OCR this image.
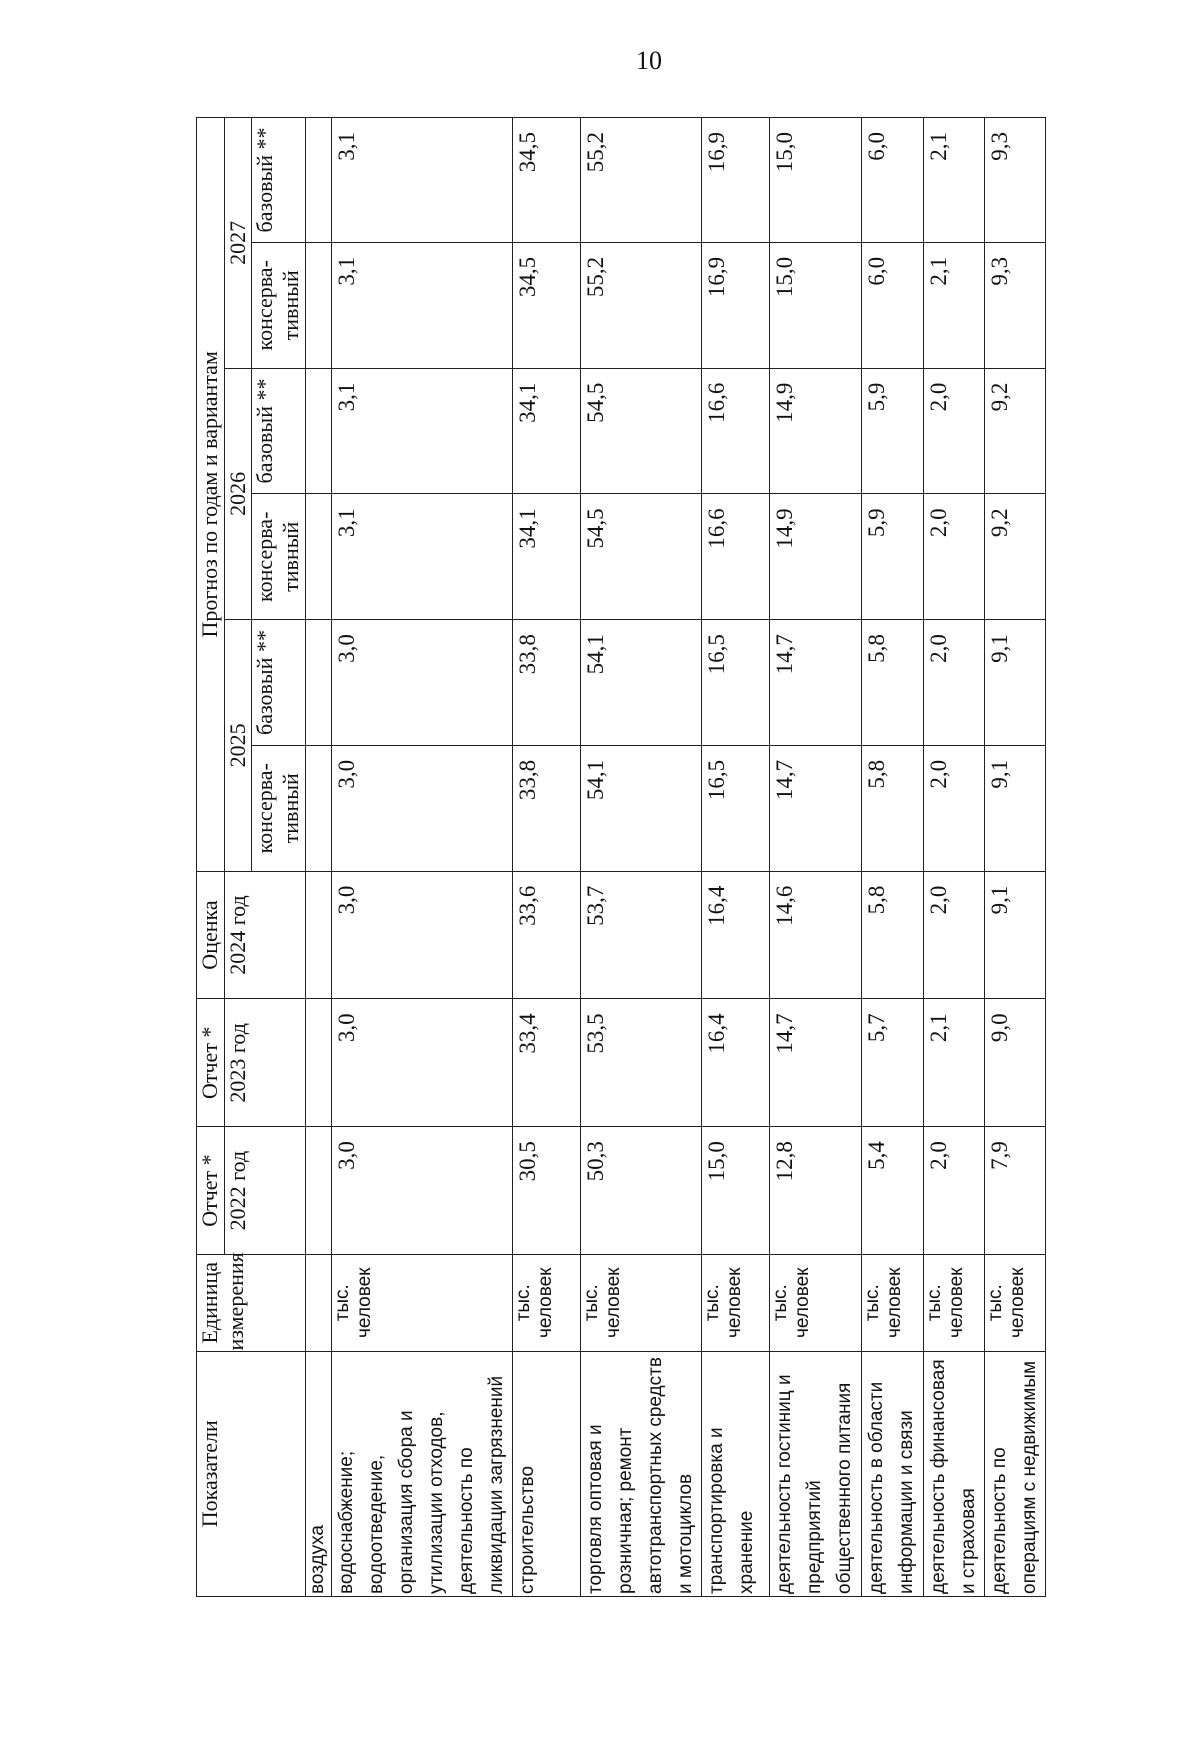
10
Показатели	Единица измерения	Отчет *	Отчет *	Оценка	Прогноз по годам и вариантам					
		2022 год	2023 год	2024 год	2025		2026		2027	
					консерва-тивный	базовый **	консерва-тивный	базовый **	консерва-тивный	базовый **
воздуха										
водоснабжение; водоотведение, организация сбора и утилизации отходов, деятельность по ликвидации загрязнений	тыс. человек	3,0	3,0	3,0	3,0	3,0	3,1	3,1	3,1	3,1
строительство	тыс. человек	30,5	33,4	33,6	33,8	33,8	34,1	34,1	34,5	34,5
торговля оптовая и розничная; ремонт автотранспортных средств и мотоциклов	тыс. человек	50,3	53,5	53,7	54,1	54,1	54,5	54,5	55,2	55,2
транспортировка и хранение	тыс. человек	15,0	16,4	16,4	16,5	16,5	16,6	16,6	16,9	16,9
деятельность гостиниц и предприятий общественного питания	тыс. человек	12,8	14,7	14,6	14,7	14,7	14,9	14,9	15,0	15,0
деятельность в области информации и связи	тыс. человек	5,4	5,7	5,8	5,8	5,8	5,9	5,9	6,0	6,0
деятельность финансовая и страховая	тыс. человек	2,0	2,1	2,0	2,0	2,0	2,0	2,0	2,1	2,1
деятельность по операциям с недвижимым	тыс. человек	7,9	9,0	9,1	9,1	9,1	9,2	9,2	9,3	9,3
